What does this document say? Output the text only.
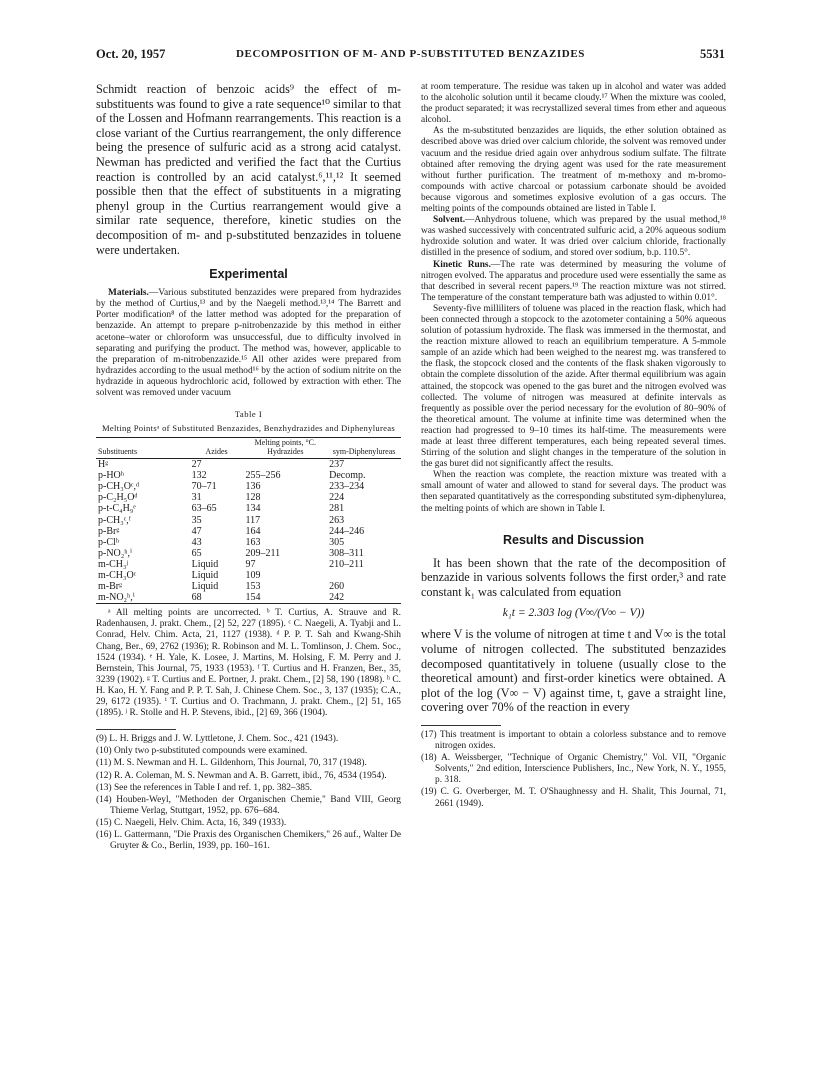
Oct. 20, 1957	DECOMPOSITION OF M- AND P-SUBSTITUTED BENZAZIDES	5531

Schmidt reaction of benzoic acids⁹ the effect of m-substituents was found to give a rate sequence¹⁰ similar to that of the Lossen and Hofmann rearrangements. This reaction is a close variant of the Curtius rearrangement, the only difference being the presence of sulfuric acid as a strong acid catalyst. Newman has predicted and verified the fact that the Curtius reaction is controlled by an acid catalyst.⁶,¹¹,¹² It seemed possible then that the effect of substituents in a migrating phenyl group in the Curtius rearrangement would give a similar rate sequence, therefore, kinetic studies on the decomposition of m- and p-substituted benzazides in toluene were undertaken.

Experimental

Materials.—Various substituted benzazides were prepared from hydrazides by the method of Curtius,¹³ and by the Naegeli method.¹³,¹⁴ The Barrett and Porter modification⁸ of the latter method was adopted for the preparation of benzazide. An attempt to prepare p-nitrobenzazide by this method in either acetone–water or chloroform was unsuccessful, due to difficulty involved in separating and purifying the product. The method was, however, applicable to the preparation of m-nitrobenzazide.¹⁵ All other azides were prepared from hydrazides according to the usual method¹⁶ by the action of sodium nitrite on the hydrazide in aqueous hydrochloric acid, followed by extraction with ether. The solvent was removed under vacuum

Table I
Melting Pointsᵃ of Substituted Benzazides, Benzhydrazides and Diphenylureas
Substituents	Azides	Melting points, °C. Hydrazides	sym-Diphenylureas
Hᵍ	27		237
p-HOʰ	132	255–256	Decomp.
p-CH₃Oᶜ,ᵈ	70–71	136	233–234
p-C₂H₅Oᵈ	31	128	224
p-t-C₄H₉ᵉ	63–65	134	281
p-CH₃ᶜ,ᶠ	35	117	263
p-Brᵍ	47	164	244–246
p-Clʰ	43	163	305
p-NO₂ʰ,ⁱ	65	209–211	308–311
m-CH₃ʲ	Liquid	97	210–211
m-CH₃Oᶜ	Liquid	109	
m-Brᵍ	Liquid	153	260
m-NO₂ʰ,ⁱ	68	154	242

ᵃ All melting points are uncorrected. ᵇ T. Curtius, A. Strauve and R. Radenhausen, J. prakt. Chem., [2] 52, 227 (1895). ᶜ C. Naegeli, A. Tyabji and L. Conrad, Helv. Chim. Acta, 21, 1127 (1938). ᵈ P. P. T. Sah and Kwang-Shih Chang, Ber., 69, 2762 (1936); R. Robinson and M. L. Tomlinson, J. Chem. Soc., 1524 (1934). ᵉ H. Yale, K. Losee, J. Martins, M. Holsing, F. M. Perry and J. Bernstein, This Journal, 75, 1933 (1953). ᶠ T. Curtius and H. Franzen, Ber., 35, 3239 (1902). ᵍ T. Curtius and E. Portner, J. prakt. Chem., [2] 58, 190 (1898). ʰ C. H. Kao, H. Y. Fang and P. P. T. Sah, J. Chinese Chem. Soc., 3, 137 (1935); C.A., 29, 6172 (1935). ⁱ T. Curtius and O. Trachmann, J. prakt. Chem., [2] 51, 165 (1895). ʲ R. Stolle and H. P. Stevens, ibid., [2] 69, 366 (1904).

(9) L. H. Briggs and J. W. Lyttletone, J. Chem. Soc., 421 (1943).

(10) Only two p-substituted compounds were examined.

(11) M. S. Newman and H. L. Gildenhorn, This Journal, 70, 317 (1948).

(12) R. A. Coleman, M. S. Newman and A. B. Garrett, ibid., 76, 4534 (1954).

(13) See the references in Table I and ref. 1, pp. 382–385.

(14) Houben-Weyl, "Methoden der Organischen Chemie," Band VIII, Georg Thieme Verlag, Stuttgart, 1952, pp. 676–684.

(15) C. Naegeli, Helv. Chim. Acta, 16, 349 (1933).

(16) L. Gattermann, "Die Praxis des Organischen Chemikers," 26 auf., Walter De Gruyter & Co., Berlin, 1939, pp. 160–161.

at room temperature. The residue was taken up in alcohol and water was added to the alcoholic solution until it became cloudy.¹⁷ When the mixture was cooled, the product separated; it was recrystallized several times from ether and aqueous alcohol.

As the m-substituted benzazides are liquids, the ether solution obtained as described above was dried over calcium chloride, the solvent was removed under vacuum and the residue dried again over anhydrous sodium sulfate. The filtrate obtained after removing the drying agent was used for the rate measurement without further purification. The treatment of m-methoxy and m-bromo-compounds with active charcoal or potassium carbonate should be avoided because vigorous and sometimes explosive evolution of a gas occurs. The melting points of the compounds obtained are listed in Table I.

Solvent.—Anhydrous toluene, which was prepared by the usual method,¹⁸ was washed successively with concentrated sulfuric acid, a 20% aqueous sodium hydroxide solution and water. It was dried over calcium chloride, fractionally distilled in the presence of sodium, and stored over sodium, b.p. 110.5°.

Kinetic Runs.—The rate was determined by measuring the volume of nitrogen evolved. The apparatus and procedure used were essentially the same as that described in several recent papers.¹⁹ The reaction mixture was not stirred. The temperature of the constant temperature bath was adjusted to within 0.01°.

Seventy-five milliliters of toluene was placed in the reaction flask, which had been connected through a stopcock to the azotometer containing a 50% aqueous solution of potassium hydroxide. The flask was immersed in the thermostat, and the reaction mixture allowed to reach an equilibrium temperature. A 5-mmole sample of an azide which had been weighed to the nearest mg. was transfered to the flask, the stopcock closed and the contents of the flask shaken vigorously to obtain the complete dissolution of the azide. After thermal equilibrium was again attained, the stopcock was opened to the gas buret and the nitrogen evolved was collected. The volume of nitrogen was measured at definite intervals as frequently as possible over the period necessary for the evolution of 80–90% of the theoretical amount. The volume at infinite time was determined when the reaction had progressed to 9–10 times its half-time. The measurements were made at least three different temperatures, each being repeated several times. Stirring of the solution and slight changes in the temperature of the solution in the gas buret did not significantly affect the results.

When the reaction was complete, the reaction mixture was treated with a small amount of water and allowed to stand for several days. The product was then separated quantitatively as the corresponding substituted sym-diphenylurea, the melting points of which are shown in Table I.

Results and Discussion

It has been shown that the rate of the decomposition of benzazide in various solvents follows the first order,³ and rate constant k₁ was calculated from equation

k₁t = 2.303 log (V∞/(V∞ − V))

where V is the volume of nitrogen at time t and V∞ is the total volume of nitrogen collected. The substituted benzazides decomposed quantitatively in toluene (usually close to the theoretical amount) and first-order kinetics were obtained. A plot of the log (V∞ − V) against time, t, gave a straight line, covering over 70% of the reaction in every

(17) This treatment is important to obtain a colorless substance and to remove nitrogen oxides.

(18) A. Weissberger, "Technique of Organic Chemistry," Vol. VII, "Organic Solvents," 2nd edition, Interscience Publishers, Inc., New York, N. Y., 1955, p. 318.

(19) C. G. Overberger, M. T. O'Shaughnessy and H. Shalit, This Journal, 71, 2661 (1949).
